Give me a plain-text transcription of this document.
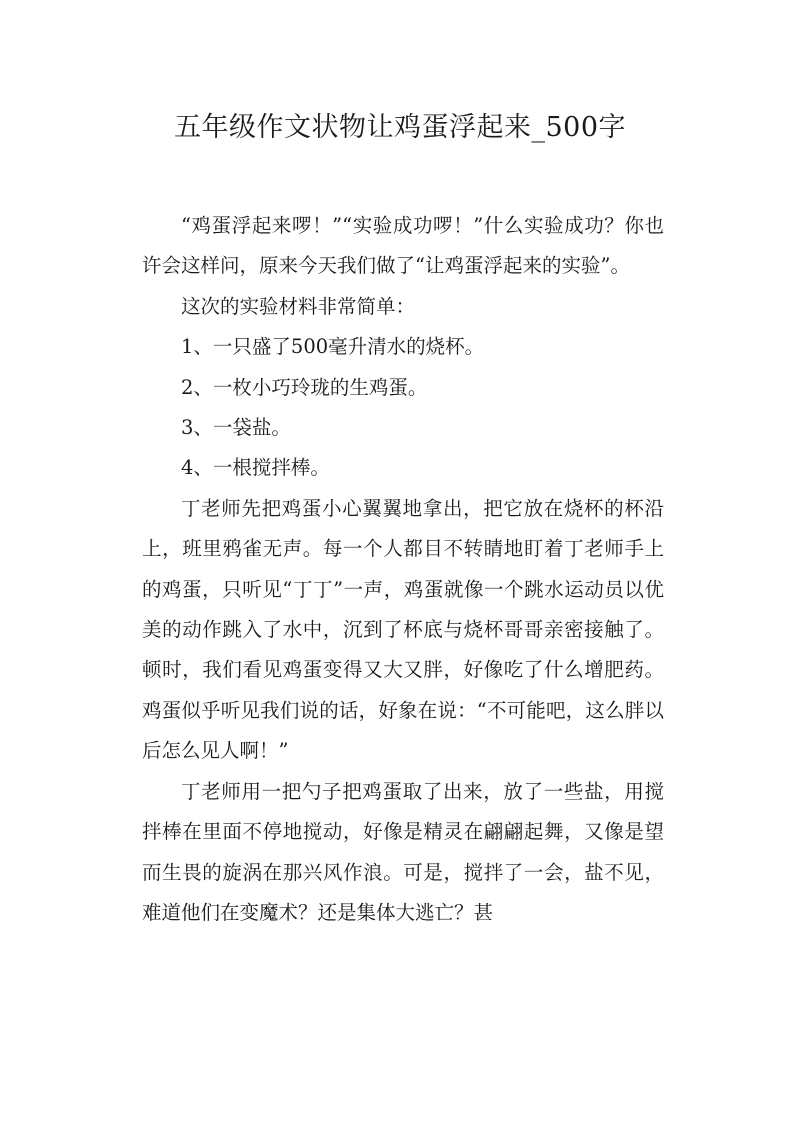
五年级作文状物让鸡蛋浮起来_500字

“鸡蛋浮起来啰！”“实验成功啰！”什么实验成功？你也许会这样问，原来今天我们做了“让鸡蛋浮起来的实验”。

这次的实验材料非常简单：

1、一只盛了500毫升清水的烧杯。

2、一枚小巧玲珑的生鸡蛋。

3、一袋盐。

4、一根搅拌棒。

丁老师先把鸡蛋小心翼翼地拿出，把它放在烧杯的杯沿上，班里鸦雀无声。每一个人都目不转睛地盯着丁老师手上的鸡蛋，只听见“丁丁”一声，鸡蛋就像一个跳水运动员以优美的动作跳入了水中，沉到了杯底与烧杯哥哥亲密接触了。顿时，我们看见鸡蛋变得又大又胖，好像吃了什么增肥药。鸡蛋似乎听见我们说的话，好象在说：“不可能吧，这么胖以后怎么见人啊！”

丁老师用一把勺子把鸡蛋取了出来，放了一些盐，用搅拌棒在里面不停地搅动，好像是精灵在翩翩起舞，又像是望而生畏的旋涡在那兴风作浪。可是，搅拌了一会，盐不见，难道他们在变魔术？还是集体大逃亡？甚
